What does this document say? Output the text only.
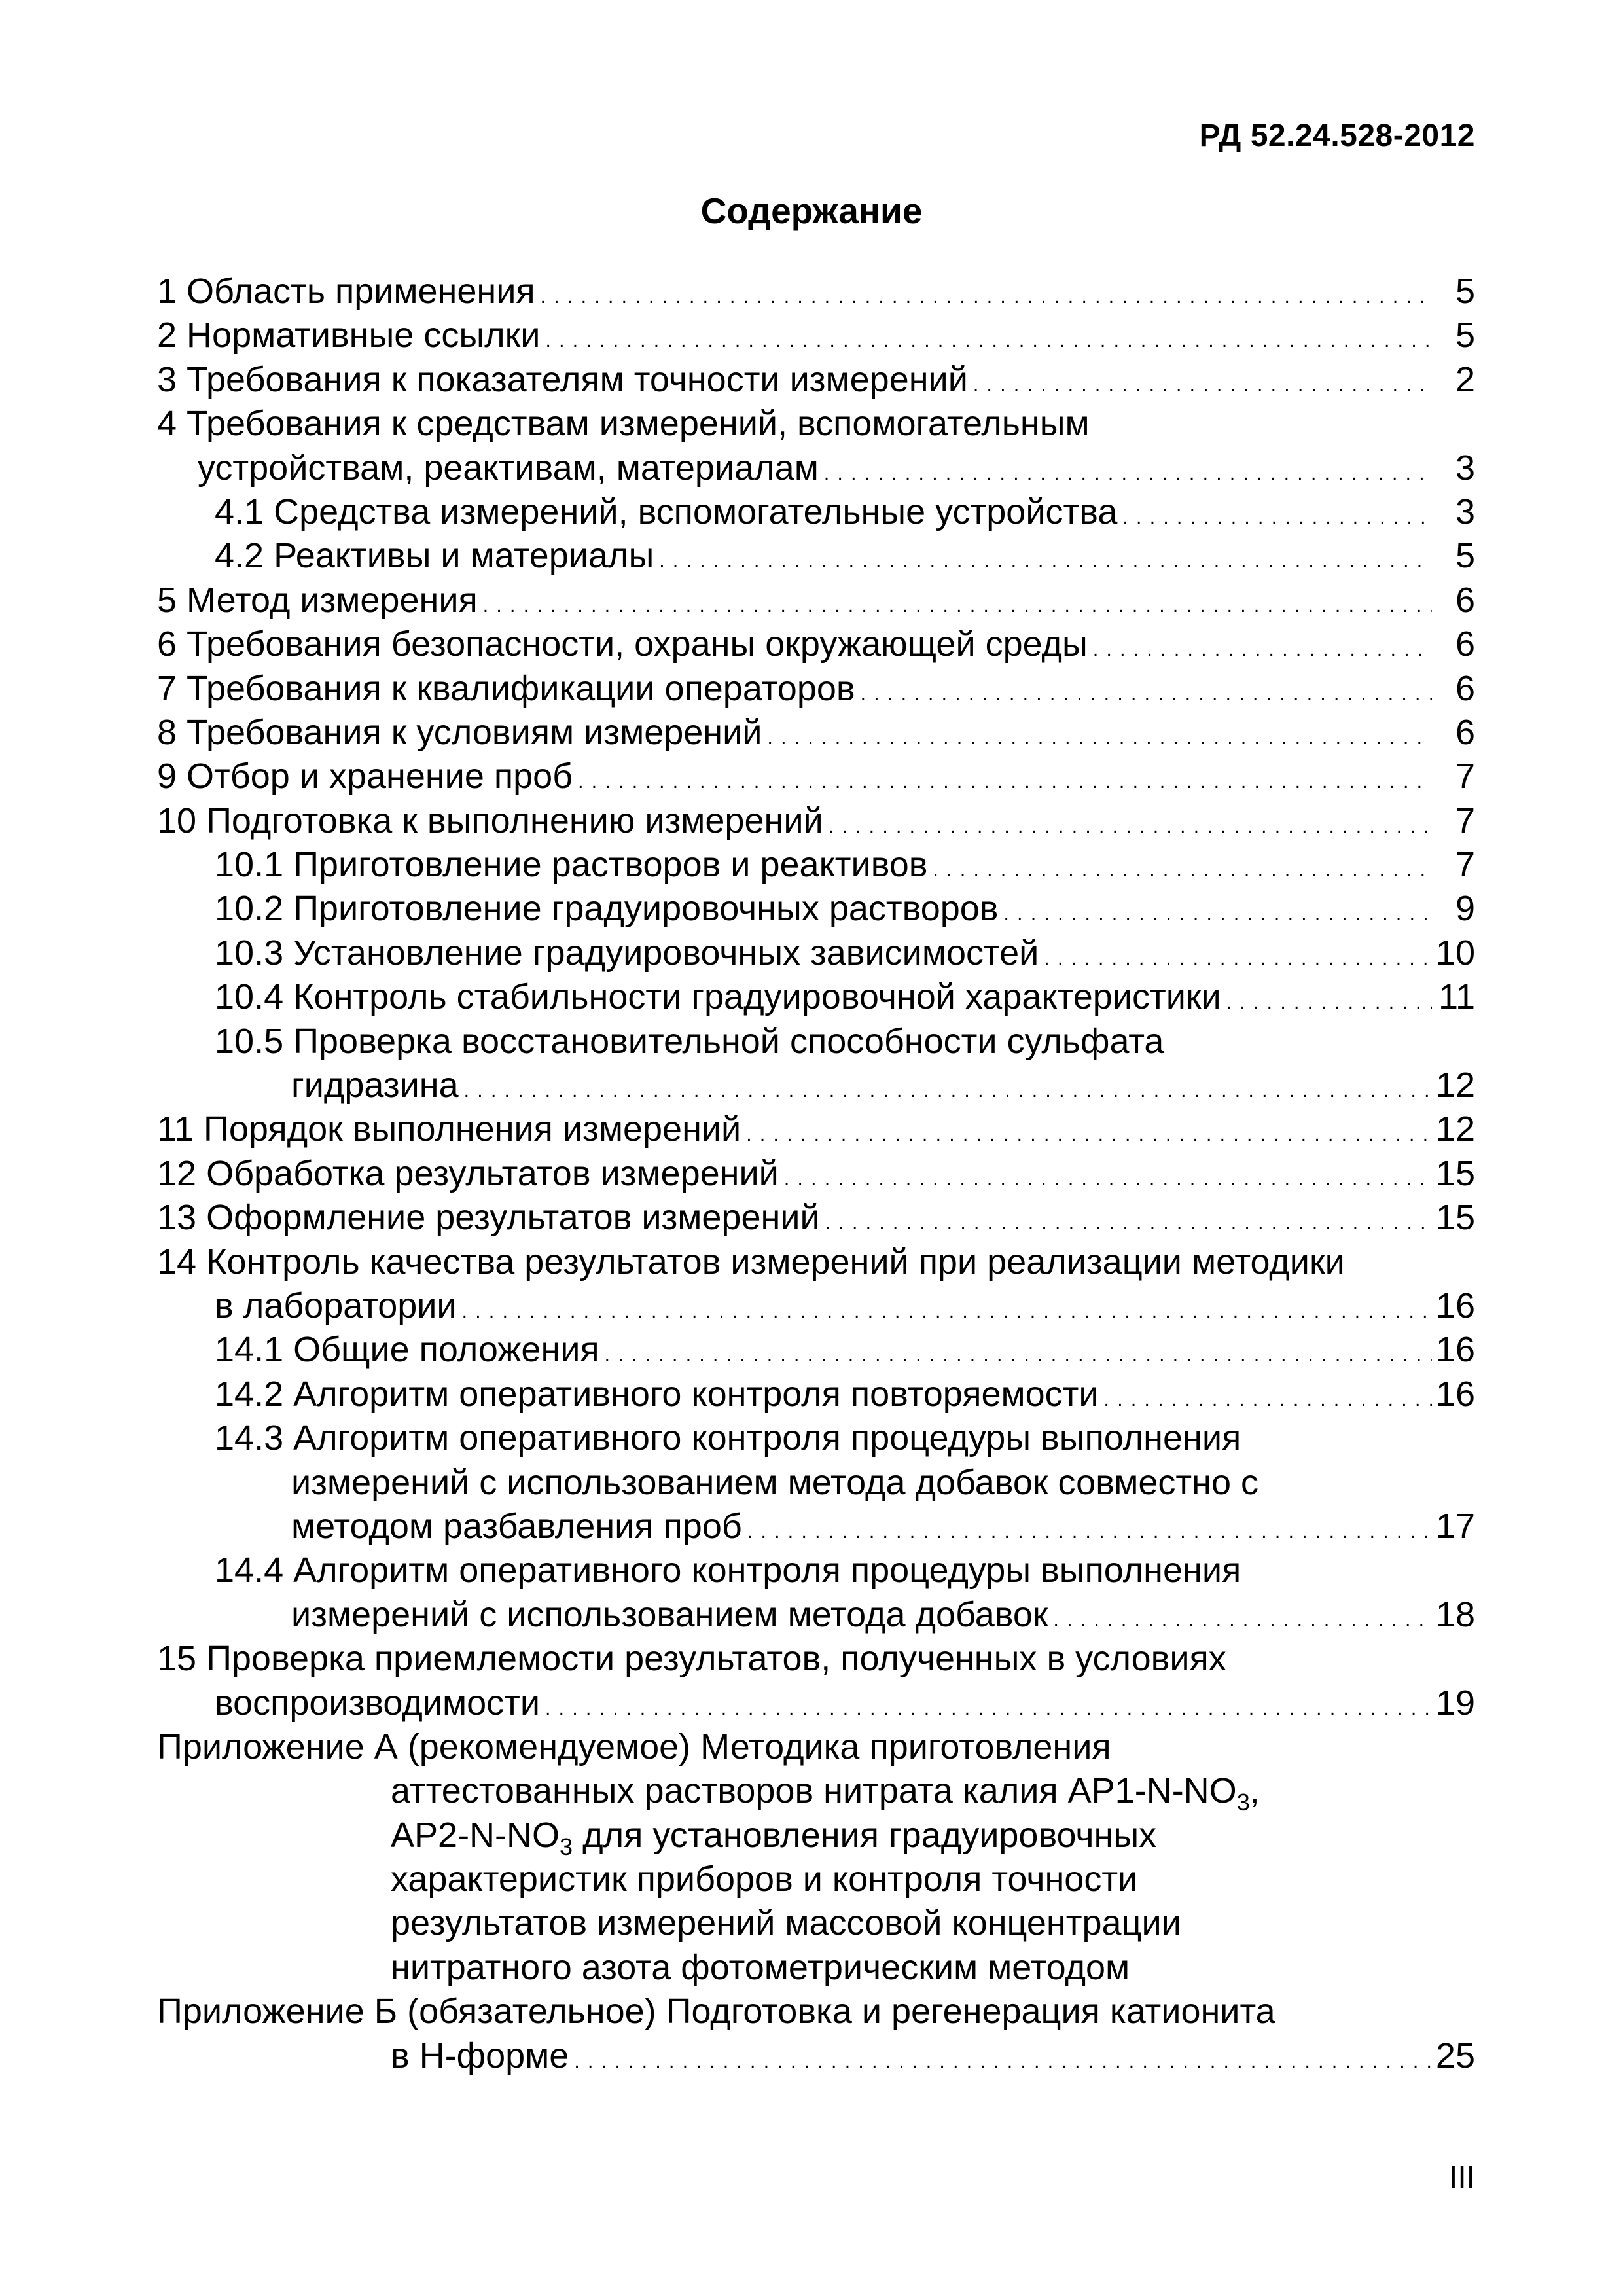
РД 52.24.528-2012
Содержание
1 Область применения . . .	5
2 Нормативные ссылки . . .	5
3 Требования к показателям точности измерений . . .	2
4 Требования к средствам измерений, вспомогательным
устройствам, реактивам, материалам . . .	3
4.1 Средства измерений, вспомогательные устройства . . .	3
4.2 Реактивы и материалы . . .	5
5 Метод измерения . . .	6
6 Требования безопасности, охраны окружающей среды . . .	6
7 Требования к квалификации операторов . . .	6
8 Требования к условиям измерений . . .	6
9 Отбор и хранение проб . . .	7
10 Подготовка к выполнению измерений . . .	7
10.1 Приготовление растворов и реактивов . . .	7
10.2 Приготовление градуировочных растворов . . .	9
10.3 Установление градуировочных зависимостей . . .	10
10.4 Контроль стабильности градуировочной характеристики . . .	11
10.5 Проверка восстановительной способности сульфата
гидразина . . .	12
11 Порядок выполнения измерений . . .	12
12 Обработка результатов измерений . . .	15
13 Оформление результатов измерений . . .	15
14 Контроль качества результатов измерений при реализации методики
в лаборатории . . .	16
14.1 Общие положения . . .	16
14.2 Алгоритм оперативного контроля повторяемости . . .	16
14.3 Алгоритм оперативного контроля процедуры выполнения
измерений с использованием метода добавок совместно с
методом разбавления проб . . .	17
14.4 Алгоритм оперативного контроля процедуры выполнения
измерений с использованием метода добавок . . .	18
15 Проверка приемлемости результатов, полученных в условиях
воспроизводимости . . .	19
Приложение А (рекомендуемое) Методика приготовления
аттестованных растворов нитрата калия $АР1-N-NO_3$,
$АР2-N-NO_3$ для установления градуировочных
характеристик приборов и контроля точности
результатов измерений массовой концентрации
нитратного азота фотометрическим методом
Приложение Б (обязательное) Подготовка и регенерация катионита
в Н-форме . . .	25
III
